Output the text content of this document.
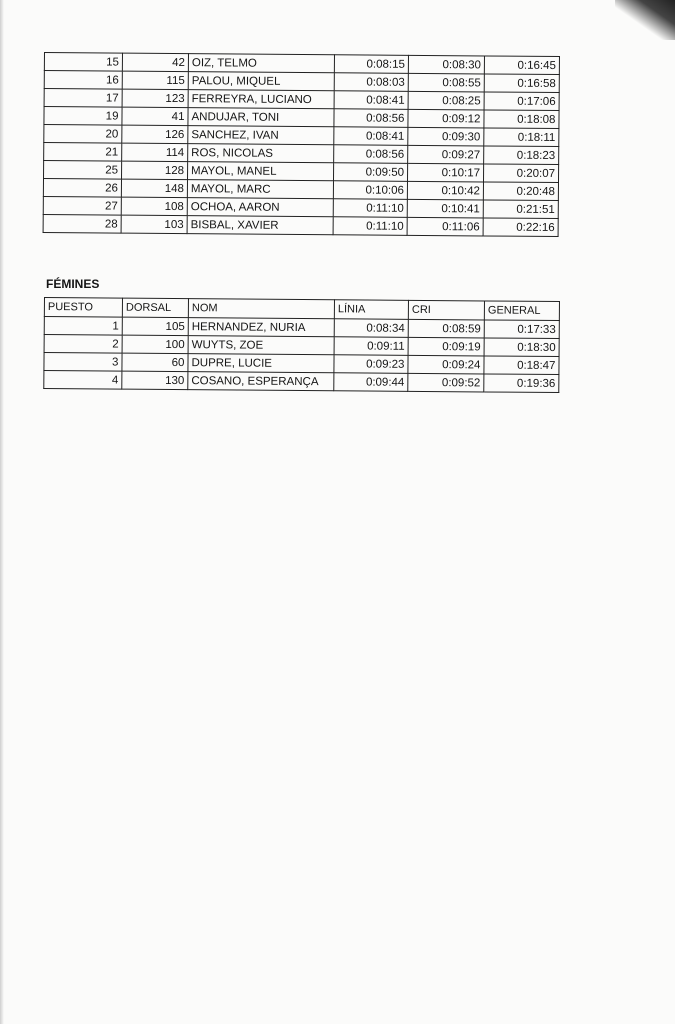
15	42	OIZ, TELMO	0:08:15	0:08:30	0:16:45
16	115	PALOU, MIQUEL	0:08:03	0:08:55	0:16:58
17	123	FERREYRA, LUCIANO	0:08:41	0:08:25	0:17:06
19	41	ANDUJAR, TONI	0:08:56	0:09:12	0:18:08
20	126	SANCHEZ, IVAN	0:08:41	0:09:30	0:18:11
21	114	ROS, NICOLAS	0:08:56	0:09:27	0:18:23
25	128	MAYOL, MANEL	0:09:50	0:10:17	0:20:07
26	148	MAYOL, MARC	0:10:06	0:10:42	0:20:48
27	108	OCHOA, AARON	0:11:10	0:10:41	0:21:51
28	103	BISBAL, XAVIER	0:11:10	0:11:06	0:22:16
FÉMINES
PUESTO	DORSAL	NOM	LÍNIA	CRI	GENERAL
1	105	HERNANDEZ, NURIA	0:08:34	0:08:59	0:17:33
2	100	WUYTS, ZOE	0:09:11	0:09:19	0:18:30
3	60	DUPRE, LUCIE	0:09:23	0:09:24	0:18:47
4	130	COSANO, ESPERANÇA	0:09:44	0:09:52	0:19:36
